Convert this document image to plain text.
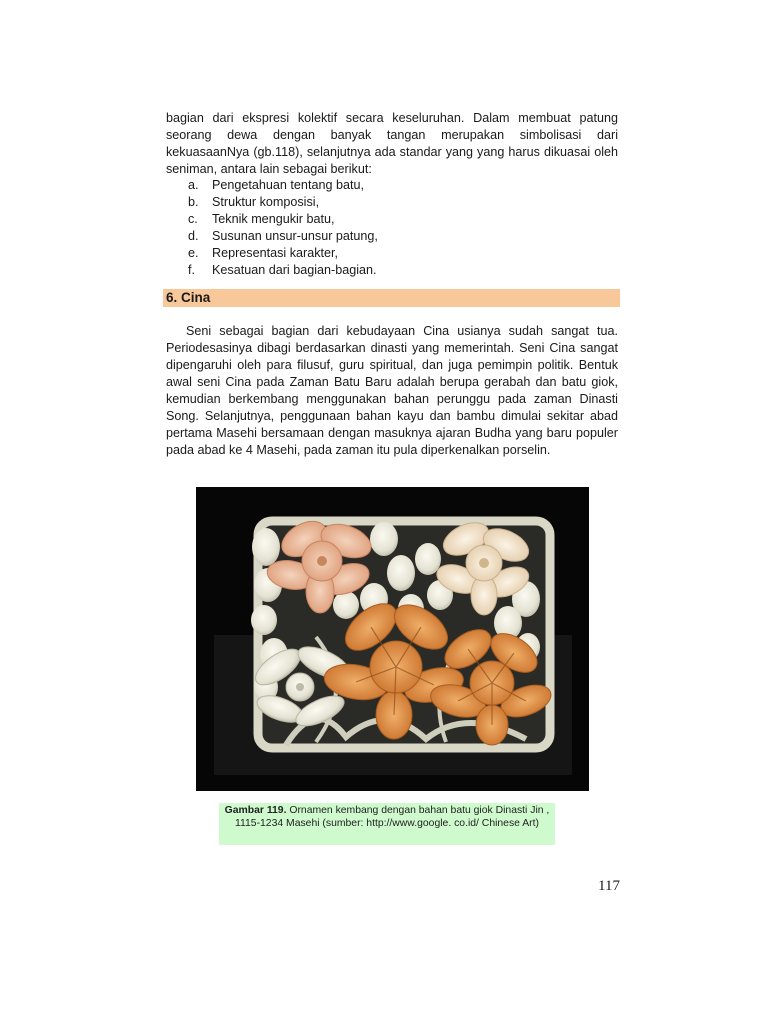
bagian dari ekspresi kolektif secara keseluruhan. Dalam membuat patung seorang dewa dengan banyak tangan merupakan simbolisasi dari kekuasaanNya (gb.118), selanjutnya ada standar yang yang harus dikuasai oleh seniman, antara lain sebagai berikut:

a. Pengetahuan tentang batu,
b. Struktur komposisi,
c. Teknik mengukir batu,
d. Susunan unsur-unsur patung,
e. Representasi karakter,
f. Kesatuan dari bagian-bagian.
6. Cina

Seni sebagai bagian dari kebudayaan Cina usianya sudah sangat tua. Periodesasinya dibagi berdasarkan dinasti yang memerintah. Seni Cina sangat dipengaruhi oleh para filusuf, guru spiritual, dan juga pemimpin politik. Bentuk awal seni Cina pada Zaman Batu Baru adalah berupa gerabah dan batu giok, kemudian berkembang menggunakan bahan perunggu pada zaman Dinasti Song. Selanjutnya, penggunaan bahan kayu dan bambu dimulai sekitar abad pertama Masehi bersamaan dengan masuknya ajaran Budha yang baru populer pada abad ke 4 Masehi, pada zaman itu pula diperkenalkan porselin.

Gambar 119. Ornamen kembang dengan bahan batu giok Dinasti Jin , 1115-1234 Masehi (sumber: http://www.google. co.id/ Chinese Art)
117
